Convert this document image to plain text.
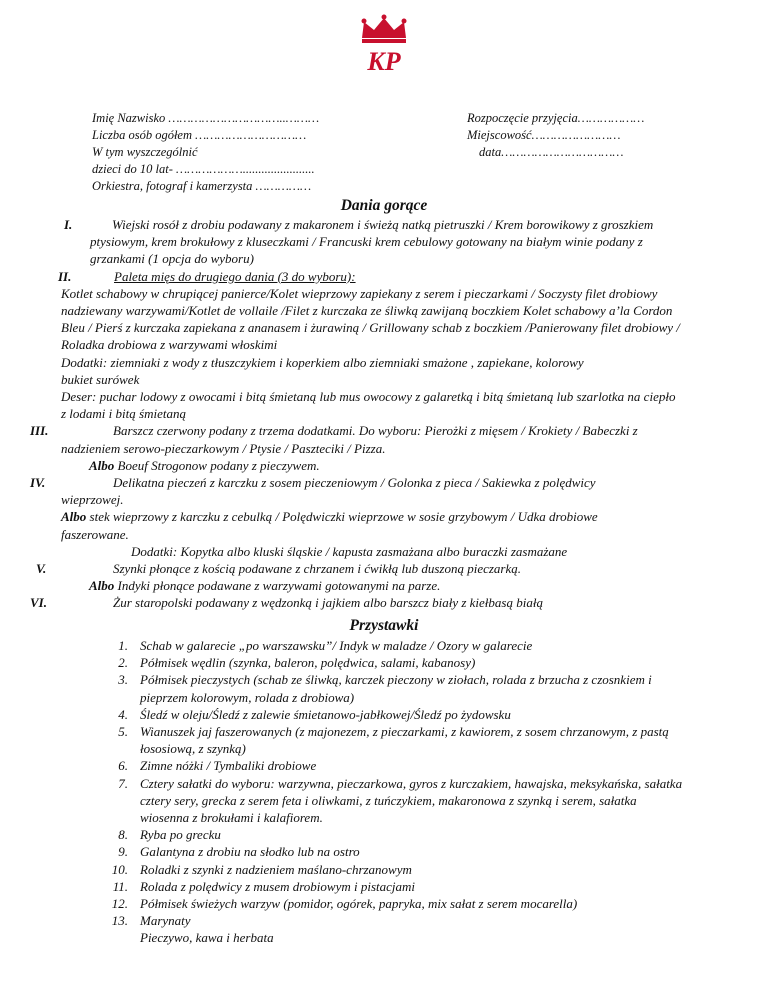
KP
Imię Nazwisko …………………………..………
Liczba osób ogółem …………………………
W tym wyszczególnić
dzieci do 10 lat- ……………….......................
Orkiestra, fotograf i kamerzysta ……………
Rozpoczęcie przyjęcia………………
Miejscowość……………………
data……………………………
Dania gorące
I.	Wiejski rosół z drobiu podawany z makaronem i świeżą natką pietruszki / Krem borowikowy z groszkiem ptysiowym, krem brokułowy z kluseczkami / Francuski krem cebulowy gotowany na białym winie podany z grzankami (1 opcja do wyboru)
II.	Paleta mięs do drugiego dania (3 do wyboru):
Kotlet schabowy w chrupiącej panierce/Kolet wieprzowy zapiekany z serem i pieczarkami / Soczysty filet drobiowy nadziewany warzywami/Kotlet de vollaile /Filet z kurczaka ze śliwką zawijaną boczkiem Kolet schabowy a’la Cordon Bleu / Pierś z kurczaka zapiekana z ananasem i żurawiną / Grillowany schab z boczkiem /Panierowany filet drobiowy / Roladka drobiowa z warzywami włoskimi
Dodatki: ziemniaki z wody z tłuszczykiem i koperkiem albo ziemniaki smażone , zapiekane, kolorowy bukiet surówek
Deser: puchar lodowy z owocami i bitą śmietaną lub mus owocowy z galaretką i bitą śmietaną lub szarlotka na ciepło z lodami i bitą śmietaną
III.	Barszcz czerwony podany z trzema dodatkami. Do wyboru: Pierożki z mięsem / Krokiety / Babeczki z nadzieniem serowo-pieczarkowym / Ptysie / Paszteciki / Pizza.
Albo Boeuf Strogonow podany z pieczywem.
IV.	Delikatna pieczeń z karczku z sosem pieczeniowym / Golonka z pieca / Sakiewka z polędwicy wieprzowej.
Albo stek wieprzowy z karczku z cebulką / Polędwiczki wieprzowe w sosie grzybowym / Udka drobiowe faszerowane.
Dodatki: Kopytka albo kluski śląskie / kapusta zasmażana albo buraczki zasmażane
V.	Szynki płonące z kością podawane z chrzanem i ćwikłą lub duszoną pieczarką.
Albo Indyki płonące podawane z warzywami gotowanymi na parze.
VI.	Żur staropolski podawany z wędzonką i jajkiem albo barszcz biały z kiełbasą białą
Przystawki
1. Schab w galarecie „po warszawsku”/ Indyk w maladze / Ozory w galarecie
2. Półmisek wędlin (szynka, baleron, polędwica, salami, kabanosy)
3. Półmisek pieczystych (schab ze śliwką, karczek pieczony w ziołach, rolada z brzucha z czosnkiem i pieprzem kolorowym, rolada z drobiowa)
4. Śledź w oleju/Śledź z zalewie śmietanowo-jabłkowej/Śledź po żydowsku
5. Wianuszek jaj faszerowanych (z majonezem, z pieczarkami, z kawiorem, z sosem chrzanowym, z pastą łososiową, z szynką)
6. Zimne nóżki / Tymbaliki drobiowe
7. Cztery sałatki do wyboru: warzywna, pieczarkowa, gyros z kurczakiem, hawajska, meksykańska, sałatka cztery sery, grecka z serem feta i oliwkami, z tuńczykiem, makaronowa z szynką i serem, sałatka wiosenna z brokułami i kalafiorem.
8. Ryba po grecku
9. Galantyna z drobiu na słodko lub na ostro
10. Roladki z szynki z nadzieniem maślano-chrzanowym
11. Rolada z polędwicy z musem drobiowym i pistacjami
12. Półmisek świeżych warzyw (pomidor, ogórek, papryka, mix sałat z serem mocarella)
13. Marynaty
Pieczywo, kawa i herbata
